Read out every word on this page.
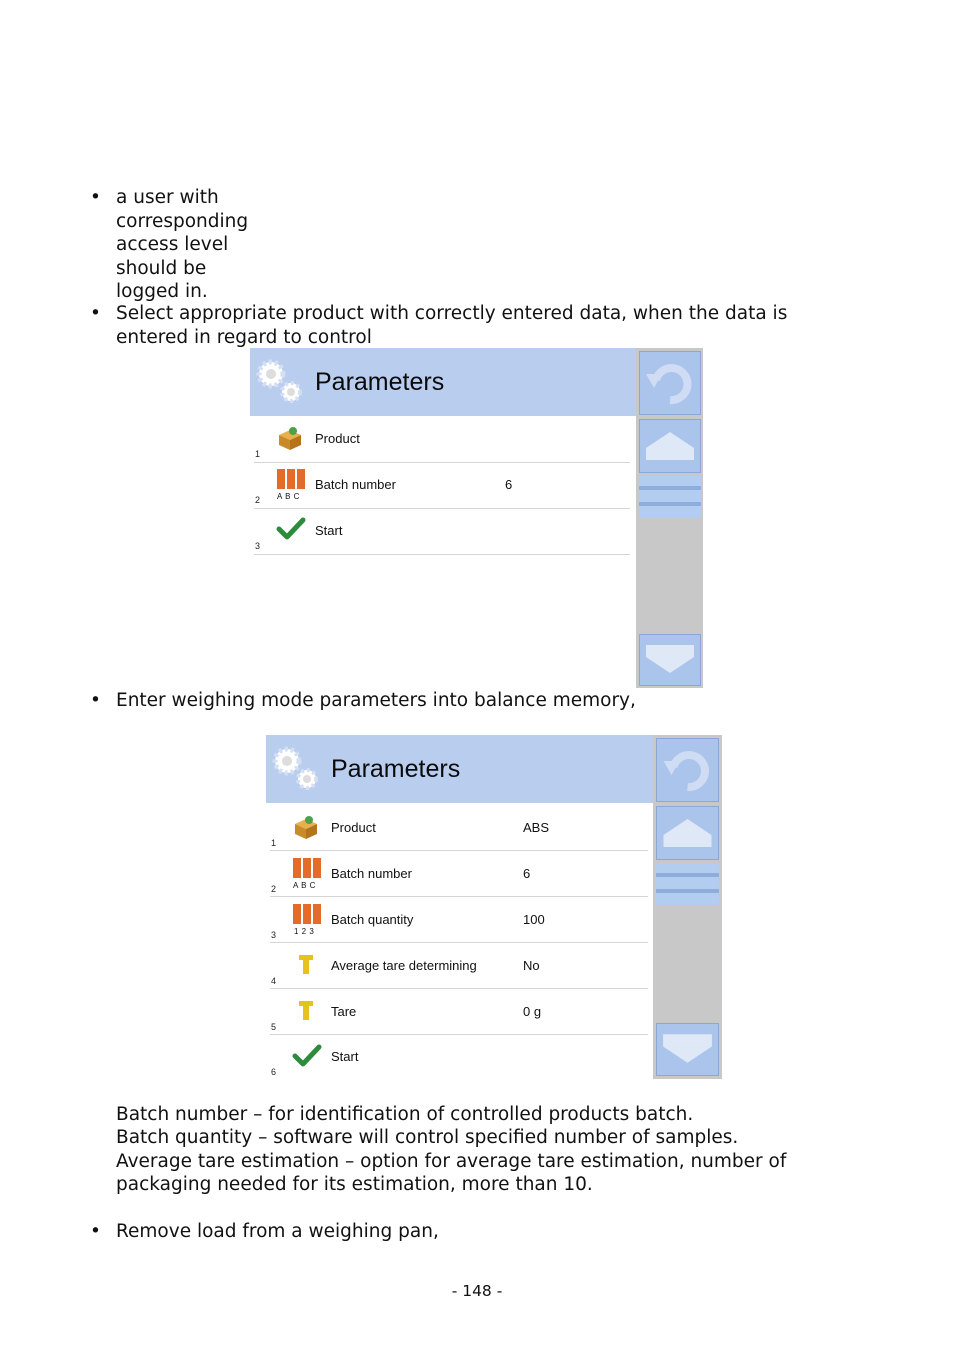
• a user with corresponding access level should be logged in.
• Select appropriate product with correctly entered data, when the data is
entered in regard to control
Parameters
Product
1
A B C
Batch number	6
2
Start
3
• Enter weighing mode parameters into balance memory,
Parameters
Product	ABS
1
A B C
Batch number	6
2
1 2 3
Batch quantity	100
3
Average tare determining	No
4
Tare	0 g
5
Start
6
Batch number – for identification of controlled products batch.
Batch quantity – software will control specified number of samples.
Average tare estimation – option for average tare estimation, number of
packaging needed for its estimation, more than 10.
• Remove load from a weighing pan,
- 148 -
